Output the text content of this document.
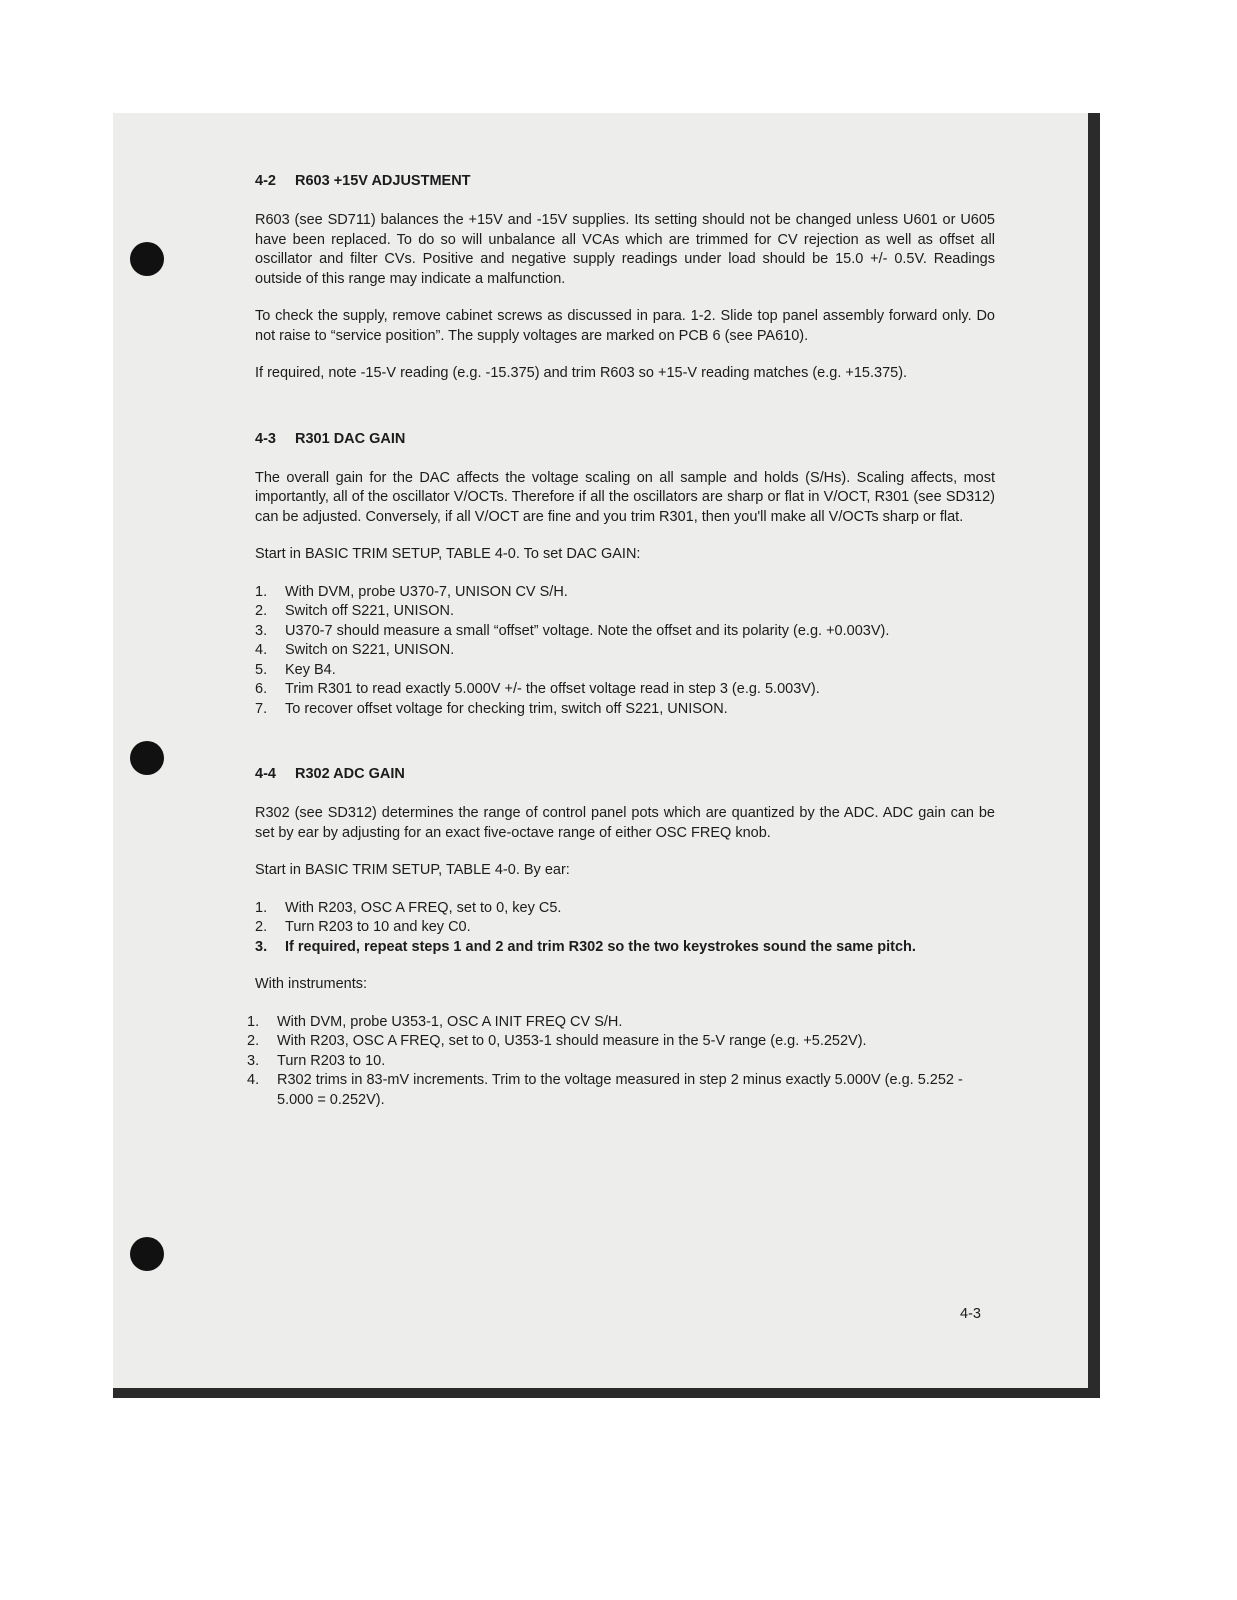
4-2 R603 +15V ADJUSTMENT

R603 (see SD711) balances the +15V and -15V supplies. Its setting should not be changed unless U601 or U605 have been replaced. To do so will unbalance all VCAs which are trimmed for CV rejection as well as offset all oscillator and filter CVs. Positive and negative supply readings under load should be 15.0 +/- 0.5V. Readings outside of this range may indicate a malfunction.

To check the supply, remove cabinet screws as discussed in para. 1-2. Slide top panel assembly forward only. Do not raise to “service position”. The supply voltages are marked on PCB 6 (see PA610).

If required, note -15-V reading (e.g. -15.375) and trim R603 so +15-V reading matches (e.g. +15.375).

4-3 R301 DAC GAIN

The overall gain for the DAC affects the voltage scaling on all sample and holds (S/Hs). Scaling affects, most importantly, all of the oscillator V/OCTs. Therefore if all the oscillators are sharp or flat in V/OCT, R301 (see SD312) can be adjusted. Conversely, if all V/OCT are fine and you trim R301, then you'll make all V/OCTs sharp or flat.

Start in BASIC TRIM SETUP, TABLE 4-0. To set DAC GAIN:

1. With DVM, probe U370-7, UNISON CV S/H.
2. Switch off S221, UNISON.
3. U370-7 should measure a small “offset” voltage. Note the offset and its polarity (e.g. +0.003V).
4. Switch on S221, UNISON.
5. Key B4.
6. Trim R301 to read exactly 5.000V +/- the offset voltage read in step 3 (e.g. 5.003V).
7. To recover offset voltage for checking trim, switch off S221, UNISON.
4-4 R302 ADC GAIN

R302 (see SD312) determines the range of control panel pots which are quantized by the ADC. ADC gain can be set by ear by adjusting for an exact five-octave range of either OSC FREQ knob.

Start in BASIC TRIM SETUP, TABLE 4-0. By ear:

1. With R203, OSC A FREQ, set to 0, key C5.
2. Turn R203 to 10 and key C0.
3. If required, repeat steps 1 and 2 and trim R302 so the two keystrokes sound the same pitch.

With instruments:

1. With DVM, probe U353-1, OSC A INIT FREQ CV S/H.
2. With R203, OSC A FREQ, set to 0, U353-1 should measure in the 5-V range (e.g. +5.252V).
3. Turn R203 to 10.
4. R302 trims in 83-mV increments. Trim to the voltage measured in step 2 minus exactly 5.000V (e.g. 5.252 - 5.000 = 0.252V).
4-3
